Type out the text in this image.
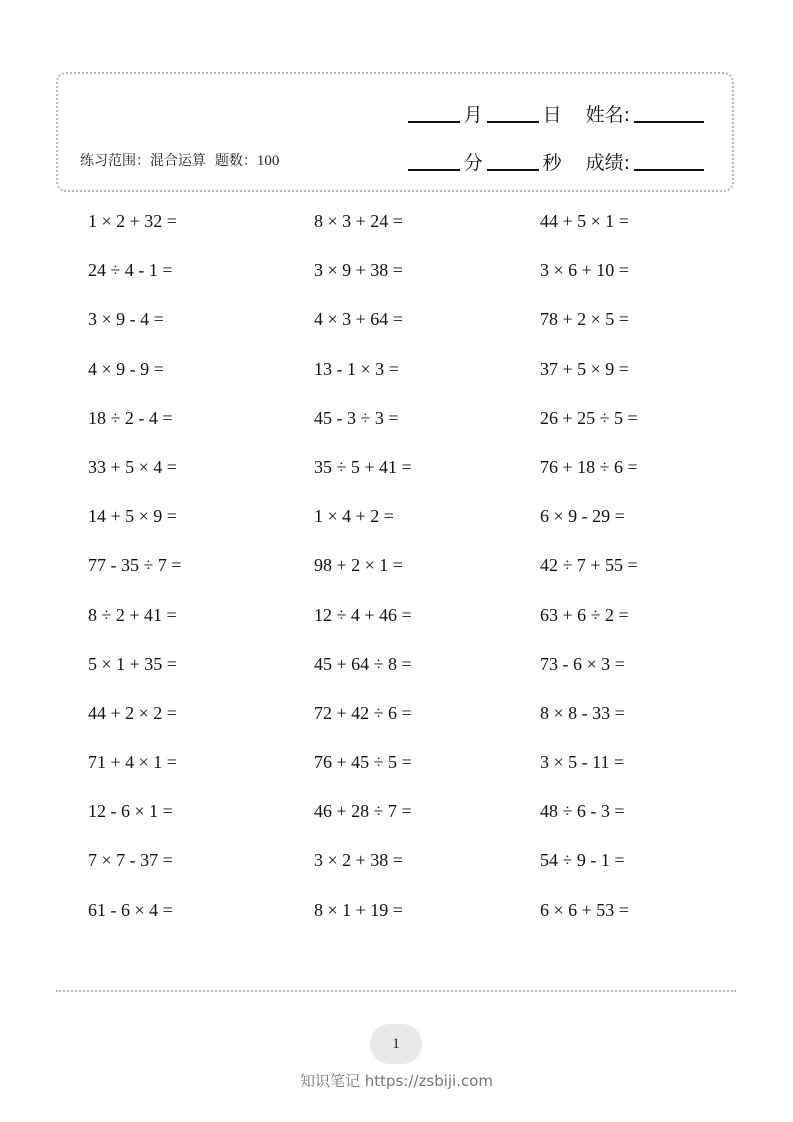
月	日 姓名:
分	秒 成绩:
练习范围：混合运算 题数：100
1 × 2 + 32 =	8 × 3 + 24 =	44 + 5 × 1 =
24 ÷ 4 - 1 =	3 × 9 + 38 =	3 × 6 + 10 =
3 × 9 - 4 =	4 × 3 + 64 =	78 + 2 × 5 =
4 × 9 - 9 =	13 - 1 × 3 =	37 + 5 × 9 =
18 ÷ 2 - 4 =	45 - 3 ÷ 3 =	26 + 25 ÷ 5 =
33 + 5 × 4 =	35 ÷ 5 + 41 =	76 + 18 ÷ 6 =
14 + 5 × 9 =	1 × 4 + 2 =	6 × 9 - 29 =
77 - 35 ÷ 7 =	98 + 2 × 1 =	42 ÷ 7 + 55 =
8 ÷ 2 + 41 =	12 ÷ 4 + 46 =	63 + 6 ÷ 2 =
5 × 1 + 35 =	45 + 64 ÷ 8 =	73 - 6 × 3 =
44 + 2 × 2 =	72 + 42 ÷ 6 =	8 × 8 - 33 =
71 + 4 × 1 =	76 + 45 ÷ 5 =	3 × 5 - 11 =
12 - 6 × 1 =	46 + 28 ÷ 7 =	48 ÷ 6 - 3 =
7 × 7 - 37 =	3 × 2 + 38 =	54 ÷ 9 - 1 =
61 - 6 × 4 =	8 × 1 + 19 =	6 × 6 + 53 =
1
知识笔记 https://zsbiji.com
